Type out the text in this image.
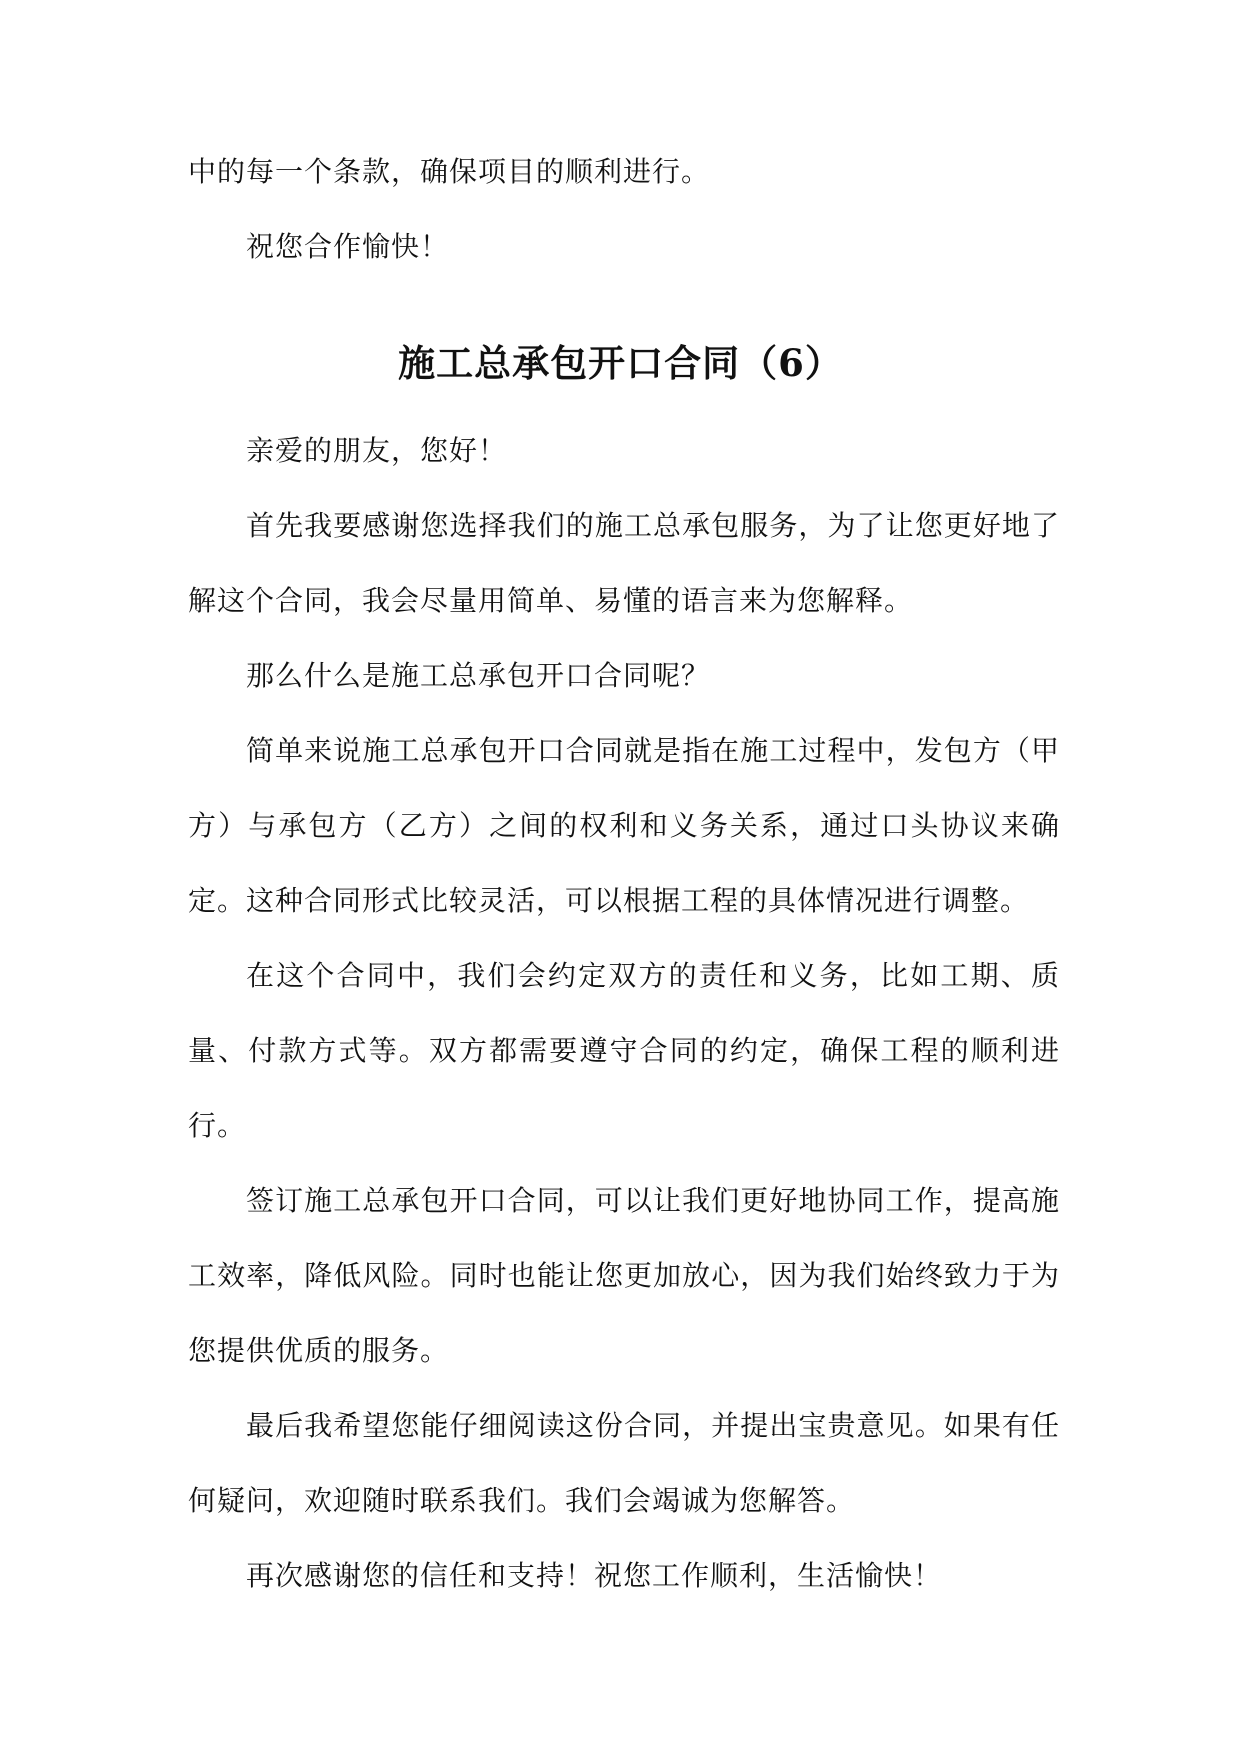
中的每一个条款，确保项目的顺利进行。

祝您合作愉快！

施工总承包开口合同（6）

亲爱的朋友，您好！

首先我要感谢您选择我们的施工总承包服务，为了让您更好地了解这个合同，我会尽量用简单、易懂的语言来为您解释。

那么什么是施工总承包开口合同呢？

简单来说施工总承包开口合同就是指在施工过程中，发包方（甲方）与承包方（乙方）之间的权利和义务关系，通过口头协议来确定。这种合同形式比较灵活，可以根据工程的具体情况进行调整。

在这个合同中，我们会约定双方的责任和义务，比如工期、质量、付款方式等。双方都需要遵守合同的约定，确保工程的顺利进行。

签订施工总承包开口合同，可以让我们更好地协同工作，提高施工效率，降低风险。同时也能让您更加放心，因为我们始终致力于为您提供优质的服务。

最后我希望您能仔细阅读这份合同，并提出宝贵意见。如果有任何疑问，欢迎随时联系我们。我们会竭诚为您解答。

再次感谢您的信任和支持！祝您工作顺利，生活愉快！
